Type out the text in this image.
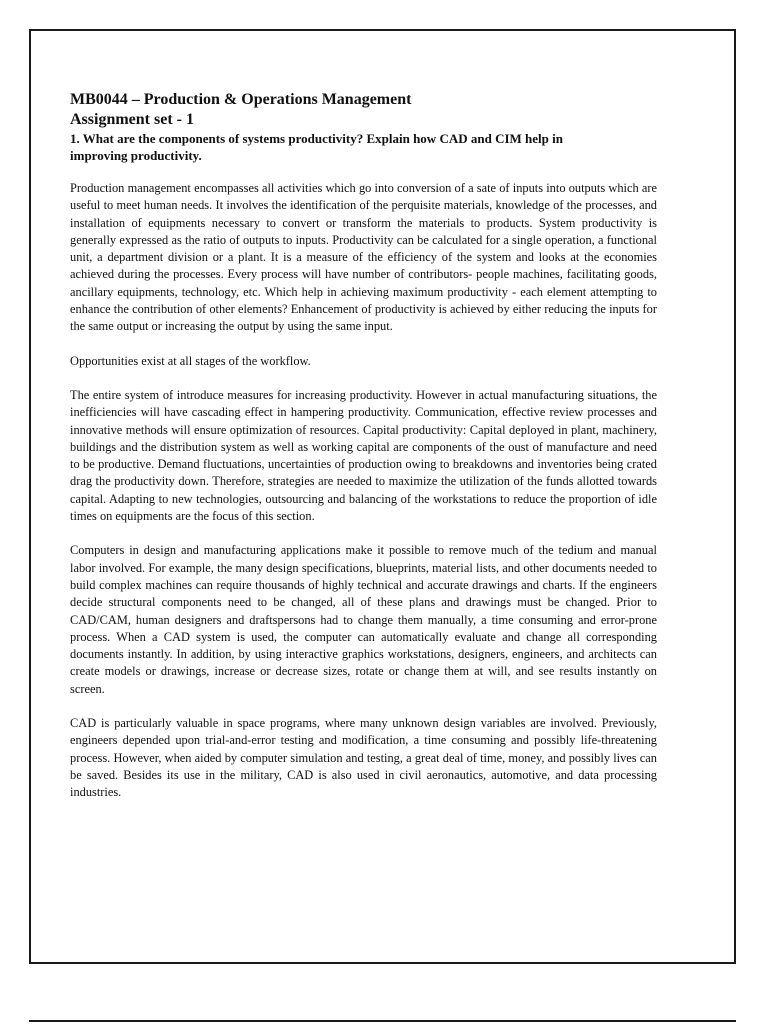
MB0044 – Production & Operations Management
Assignment set - 1

1. What are the components of systems productivity? Explain how CAD and CIM help in improving productivity.

Production management encompasses all activities which go into conversion of a sate of inputs into outputs which are useful to meet human needs. It involves the identification of the perquisite materials, knowledge of the processes, and installation of equipments necessary to convert or transform the materials to products. System productivity is generally expressed as the ratio of outputs to inputs. Productivity can be calculated for a single operation, a functional unit, a department division or a plant. It is a measure of the efficiency of the system and looks at the economies achieved during the processes. Every process will have number of contributors- people machines, facilitating goods, ancillary equipments, technology, etc. Which help in achieving maximum productivity - each element attempting to enhance the contribution of other elements? Enhancement of productivity is achieved by either reducing the inputs for the same output or increasing the output by using the same input.

Opportunities exist at all stages of the workflow.

The entire system of introduce measures for increasing productivity. However in actual manufacturing situations, the inefficiencies will have cascading effect in hampering productivity. Communication, effective review processes and innovative methods will ensure optimization of resources. Capital productivity: Capital deployed in plant, machinery, buildings and the distribution system as well as working capital are components of the oust of manufacture and need to be productive. Demand fluctuations, uncertainties of production owing to breakdowns and inventories being crated drag the productivity down. Therefore, strategies are needed to maximize the utilization of the funds allotted towards capital. Adapting to new technologies, outsourcing and balancing of the workstations to reduce the proportion of idle times on equipments are the focus of this section.

Computers in design and manufacturing applications make it possible to remove much of the tedium and manual labor involved. For example, the many design specifications, blueprints, material lists, and other documents needed to build complex machines can require thousands of highly technical and accurate drawings and charts. If the engineers decide structural components need to be changed, all of these plans and drawings must be changed. Prior to CAD/CAM, human designers and draftspersons had to change them manually, a time consuming and error-prone process. When a CAD system is used, the computer can automatically evaluate and change all corresponding documents instantly. In addition, by using interactive graphics workstations, designers, engineers, and architects can create models or drawings, increase or decrease sizes, rotate or change them at will, and see results instantly on screen.

CAD is particularly valuable in space programs, where many unknown design variables are involved. Previously, engineers depended upon trial-and-error testing and modification, a time consuming and possibly life-threatening process. However, when aided by computer simulation and testing, a great deal of time, money, and possibly lives can be saved. Besides its use in the military, CAD is also used in civil aeronautics, automotive, and data processing industries.
